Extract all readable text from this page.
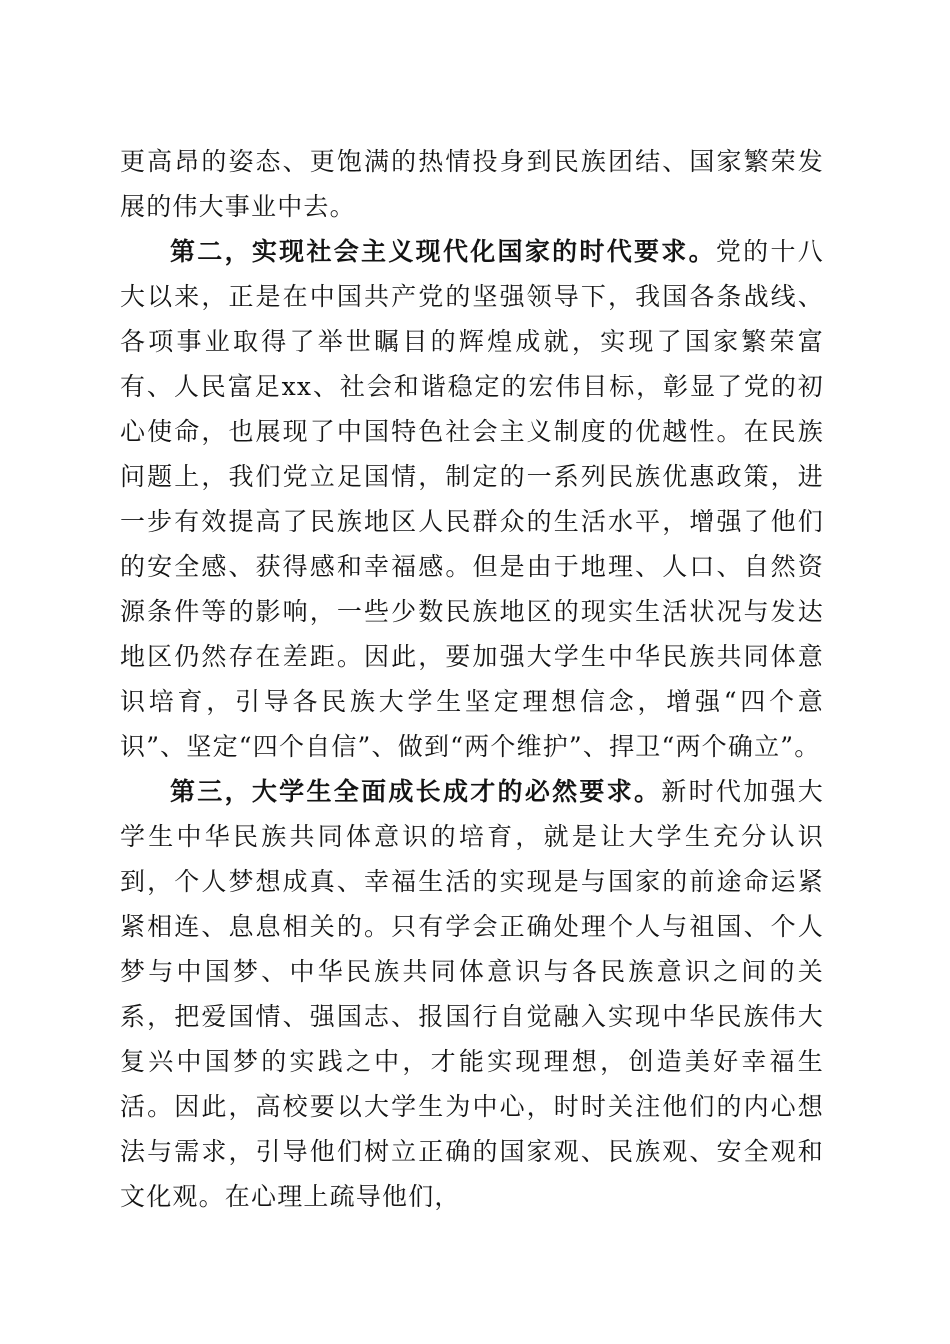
更高昂的姿态、更饱满的热情投身到民族团结、国家繁荣发展的伟大事业中去。

第二，实现社会主义现代化国家的时代要求。党的十八大以来，正是在中国共产党的坚强领导下，我国各条战线、各项事业取得了举世瞩目的辉煌成就，实现了国家繁荣富有、人民富足xx、社会和谐稳定的宏伟目标，彰显了党的初心使命，也展现了中国特色社会主义制度的优越性。在民族问题上，我们党立足国情，制定的一系列民族优惠政策，进一步有效提高了民族地区人民群众的生活水平，增强了他们的安全感、获得感和幸福感。但是由于地理、人口、自然资源条件等的影响，一些少数民族地区的现实生活状况与发达地区仍然存在差距。因此，要加强大学生中华民族共同体意识培育，引导各民族大学生坚定理想信念，增强“四个意识”、坚定“四个自信”、做到“两个维护”、捍卫“两个确立”。

第三，大学生全面成长成才的必然要求。新时代加强大学生中华民族共同体意识的培育，就是让大学生充分认识到，个人梦想成真、幸福生活的实现是与国家的前途命运紧紧相连、息息相关的。只有学会正确处理个人与祖国、个人梦与中国梦、中华民族共同体意识与各民族意识之间的关系，把爱国情、强国志、报国行自觉融入实现中华民族伟大复兴中国梦的实践之中，才能实现理想，创造美好幸福生活。因此，高校要以大学生为中心，时时关注他们的内心想法与需求，引导他们树立正确的国家观、民族观、安全观和文化观。在心理上疏导他们，
